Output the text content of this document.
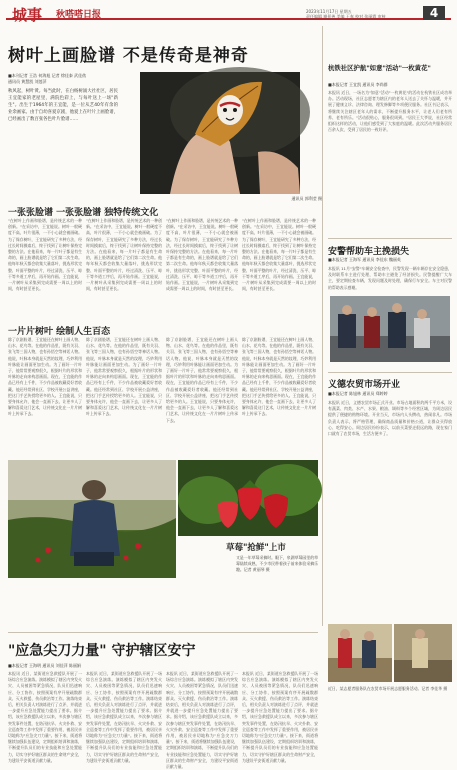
城事 秋嗒嗒日报	2023年11月17日 星期五
责任编辑 谢景善 美编 王春 校对 张丽霞 审核	4
树叶上画脸谱 不是传奇是神奇
■本刊记者 王浩 何海旭 记者 徐佳泰 武佳侬
通讯员 黄慧凯 刘莲萍
秋风起，树叶黄。每当此时，在白杨树涌大社社区，居民王宜能家的老屋里，满院色彩上，与每叶送上一场"新生"。出生于1964年的王宜能，是一位从艺40年有余的业余画家。由于自幼喜爱京剧，他爱上在叶片上画脸谱，已经画出了数百张各色叶片脸谱……
通讯员 郭利莹 摄
一张张脸谱 一张张脸谱 独特传统文化
"在树叶上作画和脸谱，是传统艺术的一种创新。"在采访中，王宜能说。树叶一般硬度不高，叶片很薄，一不小心就会被画破。为了保存树叶，王宜能研究了多种方法，经过长时间摸索后，终于找到了让树叶保持完整的方法。在他看来，每一片叶子都是有生命的，画上脸谱就是给了它们第二次生命。他每年秋天都会收集大量落叶，挑选形状完整、叶面平整的叶片，经过清洗、压平、晾干等多道工序后，再开始作画。王宜能说，一片树叶从采集到完成需要一周以上的时间，有时甚至更长。
"在树叶上作画和脸谱，是传统艺术的一种创新。"在采访中，王宜能说。树叶一般硬度不高，叶片很薄，一不小心就会被画破。为了保存树叶，王宜能研究了多种方法，经过长时间摸索后，终于找到了让树叶保持完整的方法。在他看来，每一片叶子都是有生命的，画上脸谱就是给了它们第二次生命。他每年秋天都会收集大量落叶，挑选形状完整、叶面平整的叶片，经过清洗、压平、晾干等多道工序后，再开始作画。王宜能说，一片树叶从采集到完成需要一周以上的时间，有时甚至更长。
"在树叶上作画和脸谱，是传统艺术的一种创新。"在采访中，王宜能说。树叶一般硬度不高，叶片很薄，一不小心就会被画破。为了保存树叶，王宜能研究了多种方法，经过长时间摸索后，终于找到了让树叶保持完整的方法。在他看来，每一片叶子都是有生命的，画上脸谱就是给了它们第二次生命。他每年秋天都会收集大量落叶，挑选形状完整、叶面平整的叶片，经过清洗、压平、晾干等多道工序后，再开始作画。王宜能说，一片树叶从采集到完成需要一周以上的时间，有时甚至更长。
"在树叶上作画和脸谱，是传统艺术的一种创新。"在采访中，王宜能说。树叶一般硬度不高，叶片很薄，一不小心就会被画破。为了保存树叶，王宜能研究了多种方法，经过长时间摸索后，终于找到了让树叶保持完整的方法。在他看来，每一片叶子都是有生命的，画上脸谱就是给了它们第二次生命。他每年秋天都会收集大量落叶，挑选形状完整、叶面平整的叶片，经过清洗、压平、晾干等多道工序后，再开始作画。王宜能说，一片树叶从采集到完成需要一周以上的时间，有时甚至更长。
一片片树叶 绘制人生百态
除了京剧脸谱，王宜能还在树叶上画人物、山水、花鸟等。在他的作品里，既有关羽、张飞等三国人物，也有孙悟空等神话人物。他说，叶脉本身就是天然的纹理，巧妙利用叶脉能让画面更加生动。为了画好一片叶子，他常常要观察很久，根据叶片的形状和叶脉的走向来构思画面。现在，王宜能的作品已经有上千件，不少作品被收藏爱好者收藏。他还经常到社区、学校开展公益讲座，把这门手艺传授给更多的人。王宜能说，只要身体允许，他会一直画下去，让更多人了解和喜爱这门艺术，让传统文化在一片片树叶上传承下去。
除了京剧脸谱，王宜能还在树叶上画人物、山水、花鸟等。在他的作品里，既有关羽、张飞等三国人物，也有孙悟空等神话人物。他说，叶脉本身就是天然的纹理，巧妙利用叶脉能让画面更加生动。为了画好一片叶子，他常常要观察很久，根据叶片的形状和叶脉的走向来构思画面。现在，王宜能的作品已经有上千件，不少作品被收藏爱好者收藏。他还经常到社区、学校开展公益讲座，把这门手艺传授给更多的人。王宜能说，只要身体允许，他会一直画下去，让更多人了解和喜爱这门艺术，让传统文化在一片片树叶上传承下去。
除了京剧脸谱，王宜能还在树叶上画人物、山水、花鸟等。在他的作品里，既有关羽、张飞等三国人物，也有孙悟空等神话人物。他说，叶脉本身就是天然的纹理，巧妙利用叶脉能让画面更加生动。为了画好一片叶子，他常常要观察很久，根据叶片的形状和叶脉的走向来构思画面。现在，王宜能的作品已经有上千件，不少作品被收藏爱好者收藏。他还经常到社区、学校开展公益讲座，把这门手艺传授给更多的人。王宜能说，只要身体允许，他会一直画下去，让更多人了解和喜爱这门艺术，让传统文化在一片片树叶上传承下去。
除了京剧脸谱，王宜能还在树叶上画人物、山水、花鸟等。在他的作品里，既有关羽、张飞等三国人物，也有孙悟空等神话人物。他说，叶脉本身就是天然的纹理，巧妙利用叶脉能让画面更加生动。为了画好一片叶子，他常常要观察很久，根据叶片的形状和叶脉的走向来构思画面。现在，王宜能的作品已经有上千件，不少作品被收藏爱好者收藏。他还经常到社区、学校开展公益讲座，把这门手艺传授给更多的人。王宜能说，只要身体允许，他会一直画下去，让更多人了解和喜爱这门艺术，让传统文化在一片片树叶上传承下去。
杭铁社区护航"如意"活动"一枚黄花"
■本报记者 王宜凯 通讯员 李尚群
本报讯 近日，一场名为"如意"活动"一枚黄花"的活动在杭铁社区成功举办。活动现场，社区志愿者为辖区内的老年人送去了关怀与温暖，并开展了健康义诊、法律咨询、理发修脚等多项便民服务。社区书记表示，将继续关注辖区老年人的需求，不断提升服务水平，让老人们老有所养、老有所乐。"活动很贴心，服务很周到。"居民王大爷说，社区经常组织这样的活动，让他们感受到了大家庭的温暖。此次活动共服务居民百余人次，受到了居民的一致好评。
安警帮助车主挽损失
■本报记者 王海军 通讯员 李佳东 魏丽英
本报讯 11月"安警"车辆安全检查中，民警发现一辆车辆存在安全隐患，及时联系车主进行处理，帮助车主避免了经济损失。民警提醒广大车主，要定期检查车辆，发现问题及时处理，确保行车安全。车主对民警的帮助表示感谢。
义德农贸市场开业
■本报记者 陈旭林 通讯员 郑婷婷
本报讯 近日，义德农贸市场正式开业。市场占地面积约两千平方米，设有蔬菜、肉类、水产、水果、粮油、调料等多个经营区域，为周边居民提供了便捷的购物环境。开业当天，市场内人头攒动，热闹非凡。市场负责人表示，将严格管理，确保商品质量和价格公道，让群众买得放心、吃得安心。周边居民纷纷表示，以前买菜要走很远的路，现在家门口就有了农贸市场，生活方便多了。
草莓"抢鲜"上市
又是一年草莓采摘时。眼下，泉湖草莓园里的草莓陆续成熟，不少市民带着孩子前来体验采摘乐趣。记者 黄丽琴 摄
"应急尖刀力量" 守护辖区安宁
■本报记者 王海明 通讯员 刘佳萍 陈丽娟
本报讯 近日，某街道应急救援队开展了一场综合应急演练。演练模拟了辖区内突发火灾、人员被困等紧急情况，队员们迅速响应、分工协作，按照预案有序开展疏散群众、灭火救援、伤员救治等工作。演练结束后，相关负责人对演练进行了点评，并就进一步提升应急处置能力提出了要求。据介绍，该应急救援队成立以来，多次参与辖区突发事件处置，在防汛抗旱、火灾扑救、安全巡查等工作中发挥了重要作用，被居民亲切地称为"应急尖刀力量"。接下来，街道将继续加强队伍建设，定期组织培训和演练，不断提升队员们的专业技能和应急处置能力，切实守护好辖区群众的生命财产安全，为建设平安街道贡献力量。
本报讯 近日，某街道应急救援队开展了一场综合应急演练。演练模拟了辖区内突发火灾、人员被困等紧急情况，队员们迅速响应、分工协作，按照预案有序开展疏散群众、灭火救援、伤员救治等工作。演练结束后，相关负责人对演练进行了点评，并就进一步提升应急处置能力提出了要求。据介绍，该应急救援队成立以来，多次参与辖区突发事件处置，在防汛抗旱、火灾扑救、安全巡查等工作中发挥了重要作用，被居民亲切地称为"应急尖刀力量"。接下来，街道将继续加强队伍建设，定期组织培训和演练，不断提升队员们的专业技能和应急处置能力，切实守护好辖区群众的生命财产安全，为建设平安街道贡献力量。
本报讯 近日，某街道应急救援队开展了一场综合应急演练。演练模拟了辖区内突发火灾、人员被困等紧急情况，队员们迅速响应、分工协作，按照预案有序开展疏散群众、灭火救援、伤员救治等工作。演练结束后，相关负责人对演练进行了点评，并就进一步提升应急处置能力提出了要求。据介绍，该应急救援队成立以来，多次参与辖区突发事件处置，在防汛抗旱、火灾扑救、安全巡查等工作中发挥了重要作用，被居民亲切地称为"应急尖刀力量"。接下来，街道将继续加强队伍建设，定期组织培训和演练，不断提升队员们的专业技能和应急处置能力，切实守护好辖区群众的生命财产安全，为建设平安街道贡献力量。
本报讯 近日，某街道应急救援队开展了一场综合应急演练。演练模拟了辖区内突发火灾、人员被困等紧急情况，队员们迅速响应、分工协作，按照预案有序开展疏散群众、灭火救援、伤员救治等工作。演练结束后，相关负责人对演练进行了点评，并就进一步提升应急处置能力提出了要求。据介绍，该应急救援队成立以来，多次参与辖区突发事件处置，在防汛抗旱、火灾扑救、安全巡查等工作中发挥了重要作用，被居民亲切地称为"应急尖刀力量"。接下来，街道将继续加强队伍建设，定期组织培训和演练，不断提升队员们的专业技能和应急处置能力，切实守护好辖区群众的生命财产安全，为建设平安街道贡献力量。
近日，某志愿者服务队在农贸市场开展志愿服务活动。记者 李佳华 摄
